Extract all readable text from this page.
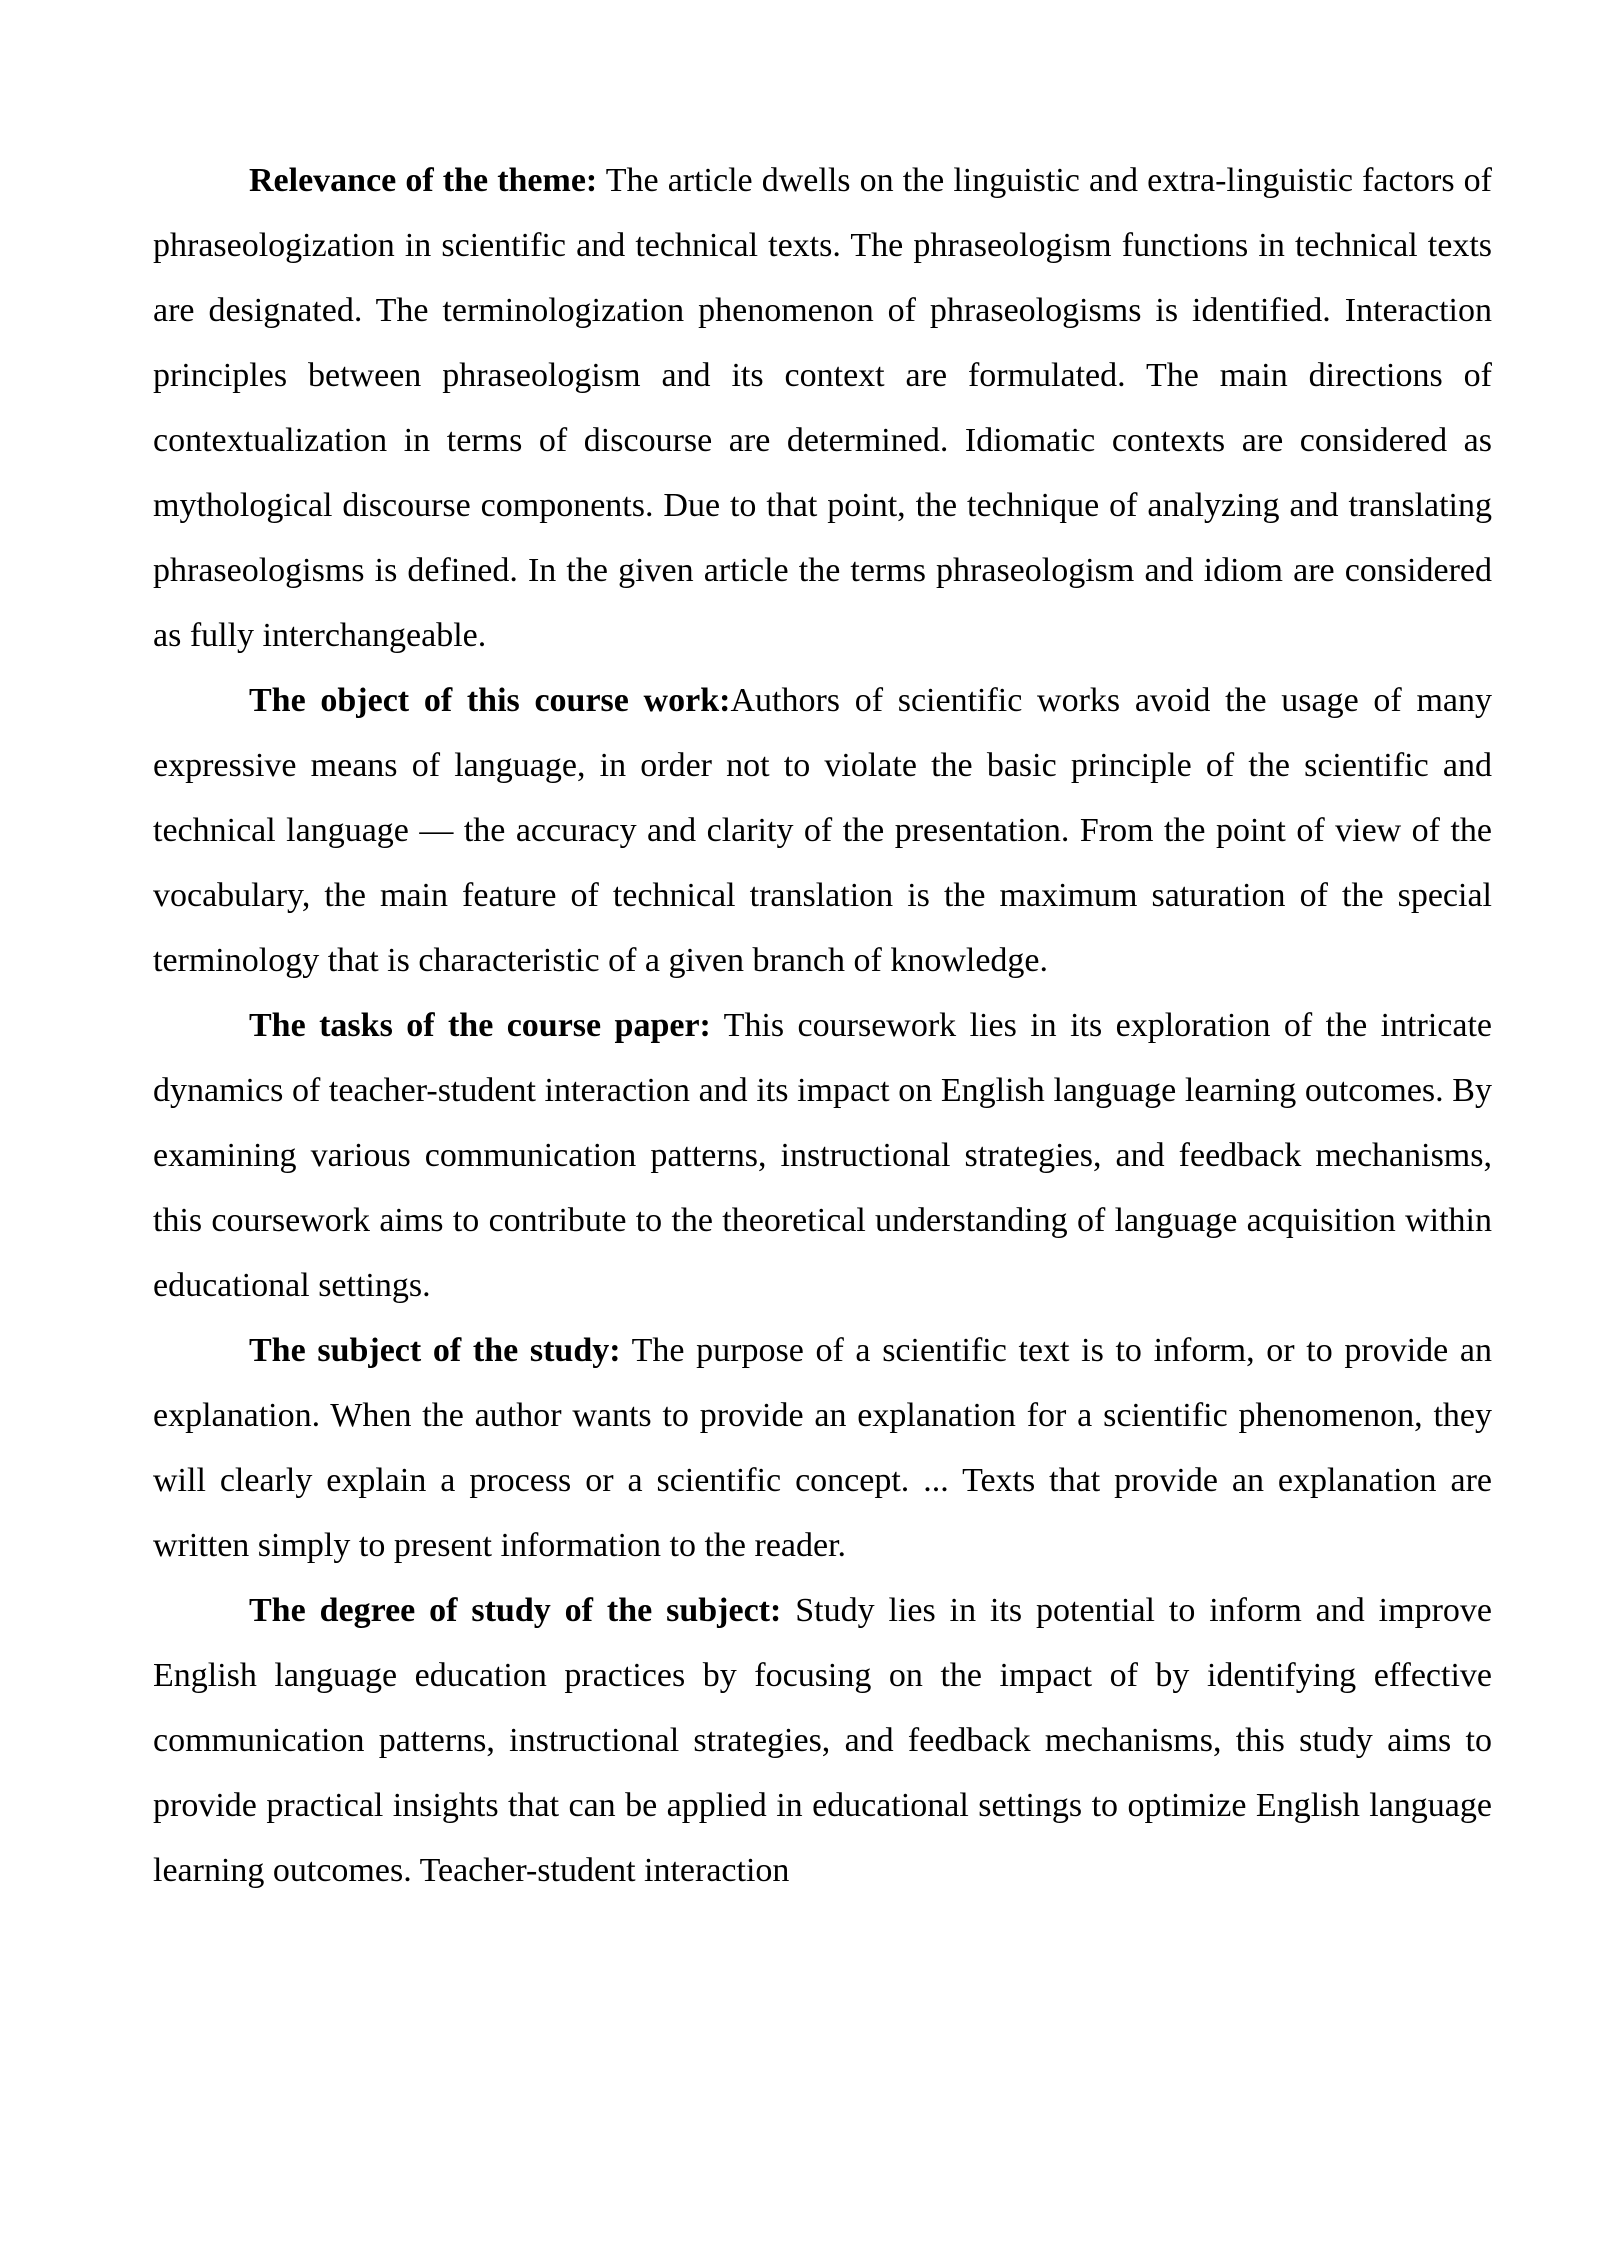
Relevance of the theme: The article dwells on the linguistic and extra-linguistic factors of phraseologization in scientific and technical texts. The phraseologism functions in technical texts are designated. The terminologization phenomenon of phraseologisms is identified. Interaction principles between phraseologism and its context are formulated. The main directions of contextualization in terms of discourse are determined. Idiomatic contexts are considered as mythological discourse components. Due to that point, the technique of analyzing and translating phraseologisms is defined. In the given article the terms phraseologism and idiom are considered as fully interchangeable.

The object of this course work:Authors of scientific works avoid the usage of many expressive means of language, in order not to violate the basic principle of the scientific and technical language — the accuracy and clarity of the presentation. From the point of view of the vocabulary, the main feature of technical translation is the maximum saturation of the special terminology that is characteristic of a given branch of knowledge.

The tasks of the course paper: This coursework lies in its exploration of the intricate dynamics of teacher-student interaction and its impact on English language learning outcomes. By examining various communication patterns, instructional strategies, and feedback mechanisms, this coursework aims to contribute to the theoretical understanding of language acquisition within educational settings.

The subject of the study: The purpose of a scientific text is to inform, or to provide an explanation. When the author wants to provide an explanation for a scientific phenomenon, they will clearly explain a process or a scientific concept. ... Texts that provide an explanation are written simply to present information to the reader.

The degree of study of the subject: Study lies in its potential to inform and improve English language education practices by focusing on the impact of by identifying effective communication patterns, instructional strategies, and feedback mechanisms, this study aims to provide practical insights that can be applied in educational settings to optimize English language learning outcomes. Teacher-student interaction
